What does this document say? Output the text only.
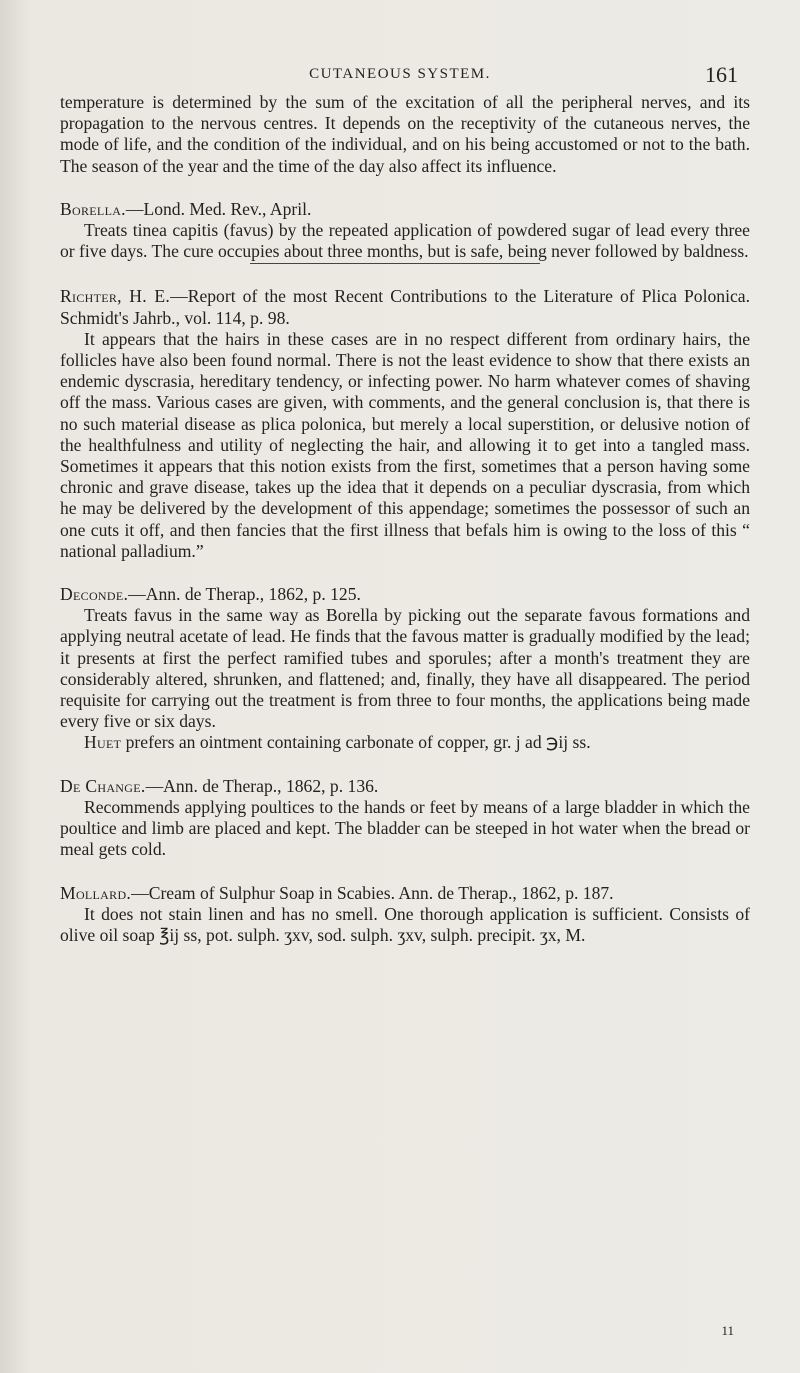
CUTANEOUS SYSTEM.	161

temperature is determined by the sum of the excitation of all the peripheral nerves, and its propagation to the nervous centres. It depends on the receptivity of the cutaneous nerves, the mode of life, and the condition of the individual, and on his being accustomed or not to the bath. The season of the year and the time of the day also affect its influence.

Borella.—Lond. Med. Rev., April.

Treats tinea capitis (favus) by the repeated application of powdered sugar of lead every three or five days. The cure occupies about three months, but is safe, being never followed by baldness.

Richter, H. E.—Report of the most Recent Contributions to the Literature of Plica Polonica. Schmidt's Jahrb., vol. 114, p. 98.

It appears that the hairs in these cases are in no respect different from ordinary hairs, the follicles have also been found normal. There is not the least evidence to show that there exists an endemic dyscrasia, hereditary tendency, or infecting power. No harm whatever comes of shaving off the mass. Various cases are given, with comments, and the general conclusion is, that there is no such material disease as plica polonica, but merely a local superstition, or delusive notion of the healthfulness and utility of neglecting the hair, and allowing it to get into a tangled mass. Sometimes it appears that this notion exists from the first, sometimes that a person having some chronic and grave disease, takes up the idea that it depends on a peculiar dyscrasia, from which he may be delivered by the development of this appendage; sometimes the possessor of such an one cuts it off, and then fancies that the first illness that befals him is owing to the loss of this “ national palladium.”

Deconde.—Ann. de Therap., 1862, p. 125.

Treats favus in the same way as Borella by picking out the separate favous formations and applying neutral acetate of lead. He finds that the favous matter is gradually modified by the lead; it presents at first the perfect ramified tubes and sporules; after a month's treatment they are considerably altered, shrunken, and flattened; and, finally, they have all disappeared. The period requisite for carrying out the treatment is from three to four months, the applications being made every five or six days.

Huet prefers an ointment containing carbonate of copper, gr. j ad ℈ij ss.

De Change.—Ann. de Therap., 1862, p. 136.

Recommends applying poultices to the hands or feet by means of a large bladder in which the poultice and limb are placed and kept. The bladder can be steeped in hot water when the bread or meal gets cold.

Mollard.—Cream of Sulphur Soap in Scabies. Ann. de Therap., 1862, p. 187.

It does not stain linen and has no smell. One thorough application is sufficient. Consists of olive oil soap ℥ij ss, pot. sulph. ʒxv, sod. sulph. ʒxv, sulph. precipit. ʒx, M.

11
